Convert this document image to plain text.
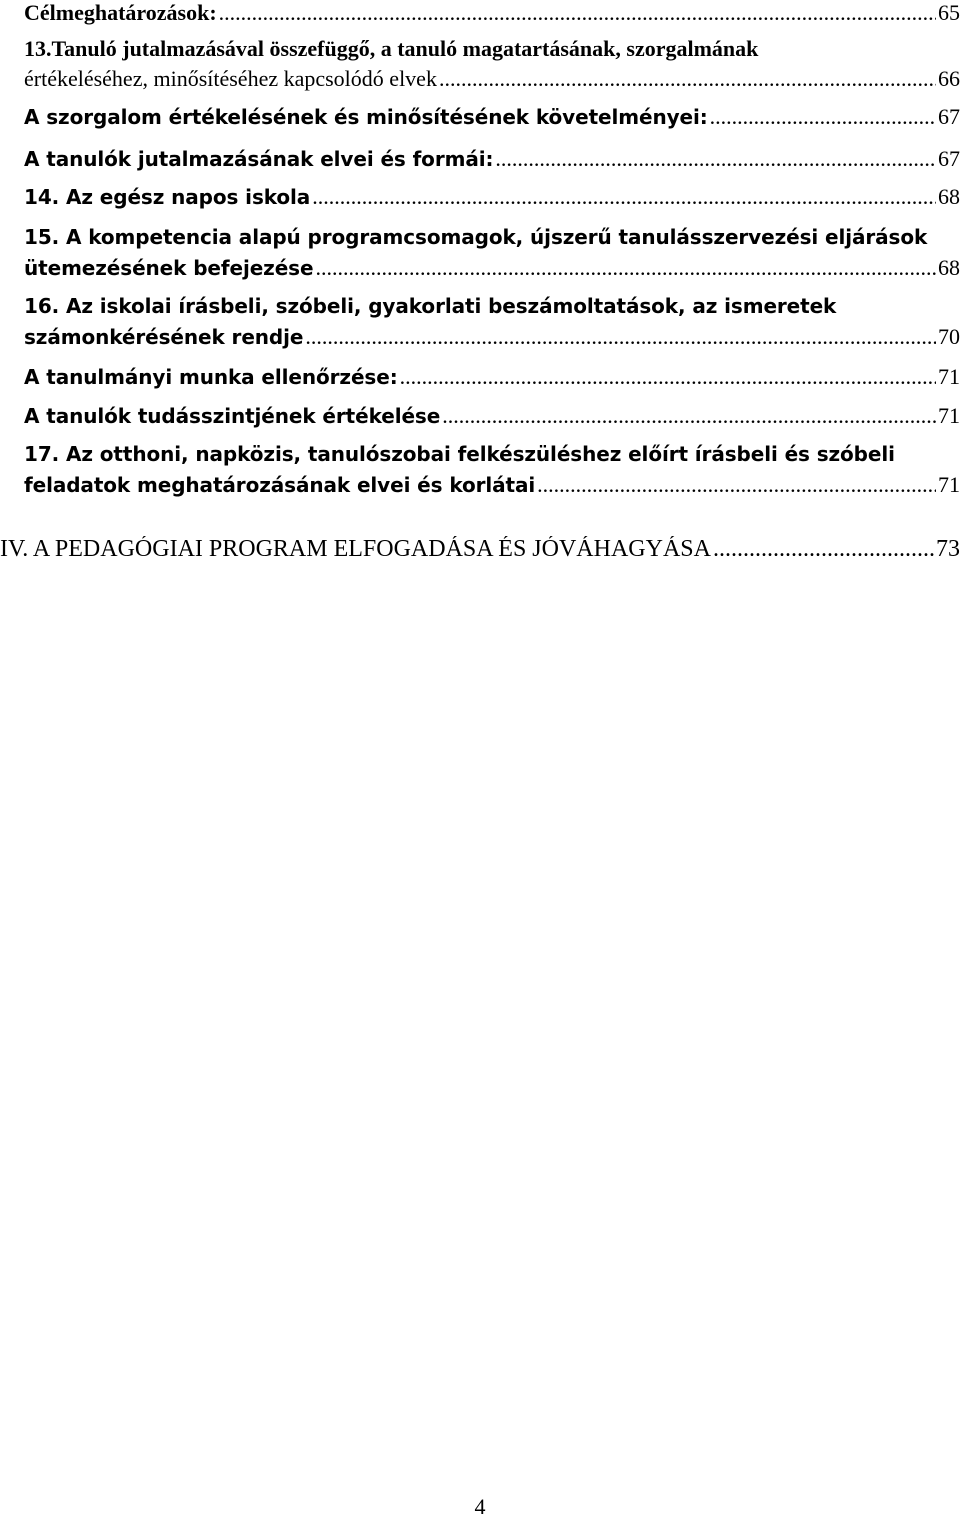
Célmeghatározások: .....	65
13.Tanuló jutalmazásával összefüggő, a tanuló magatartásának, szorgalmának
értékeléséhez, minősítéséhez kapcsolódó elvek .....	66
A szorgalom értékelésének és minősítésének követelményei: .....	67
A tanulók jutalmazásának elvei és formái: .....	67
14. Az egész napos iskola .....	68
15. A kompetencia alapú programcsomagok, újszerű tanulásszervezési eljárások
ütemezésének befejezése .....	68
16. Az iskolai írásbeli, szóbeli, gyakorlati beszámoltatások, az ismeretek
számonkérésének rendje .....	70
A tanulmányi munka ellenőrzése: .....	71
A tanulók tudásszintjének értékelése .....	71
17. Az otthoni, napközis, tanulószobai felkészüléshez előírt írásbeli és szóbeli
feladatok meghatározásának elvei és korlátai .....	71
IV. A PEDAGÓGIAI PROGRAM ELFOGADÁSA ÉS JÓVÁHAGYÁSA .....	73
4
